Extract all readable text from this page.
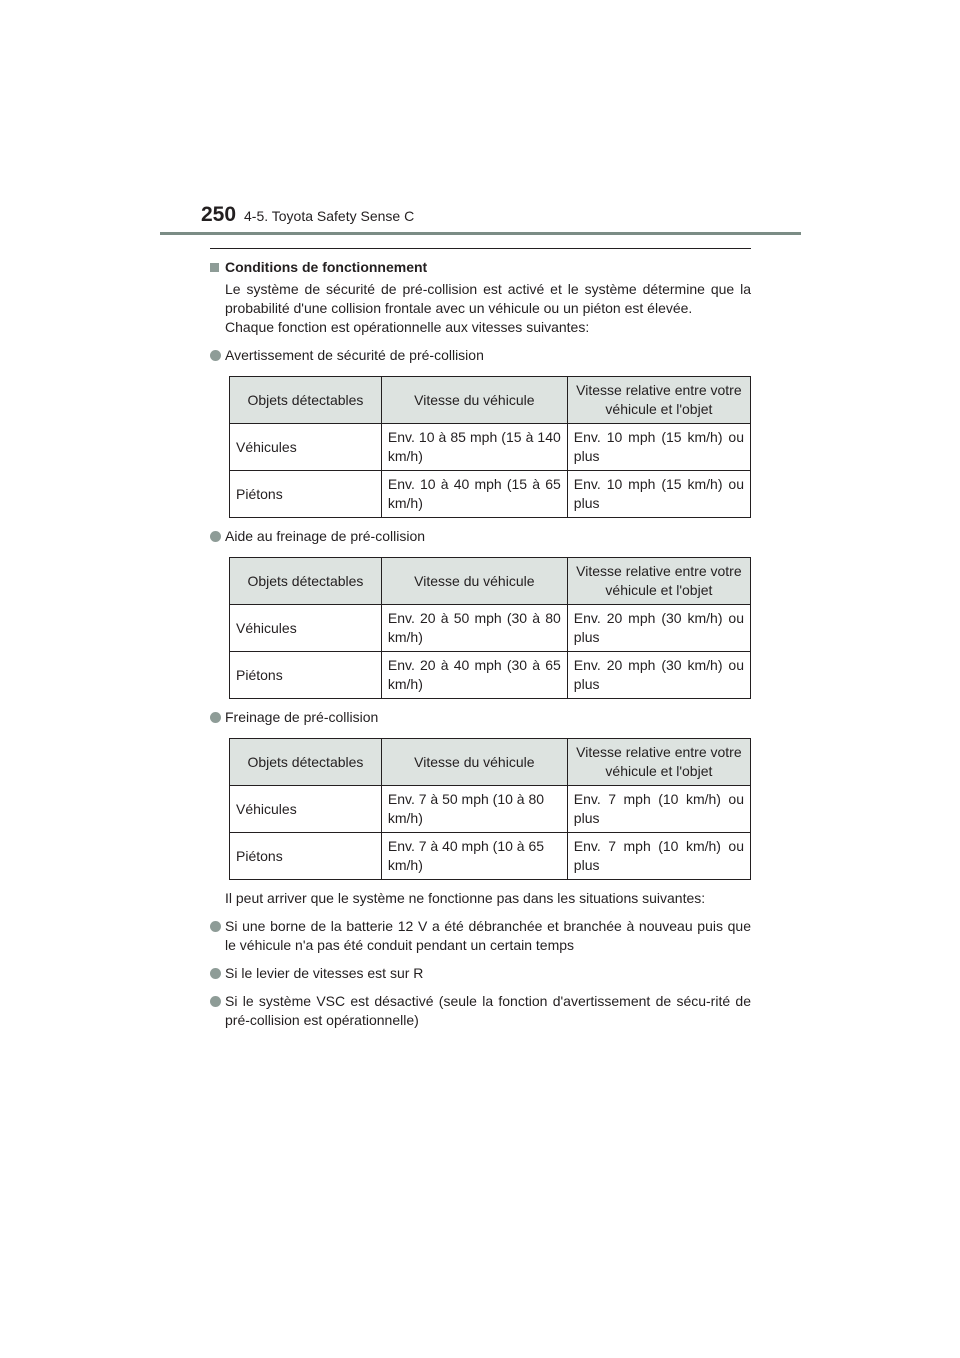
250 4-5. Toyota Safety Sense C
Conditions de fonctionnement
Le système de sécurité de pré-collision est activé et le système détermine que la probabilité d'une collision frontale avec un véhicule ou un piéton est élevée.
Chaque fonction est opérationnelle aux vitesses suivantes:
Avertissement de sécurité de pré-collision
Objets détectables	Vitesse du véhicule	Vitesse relative entre votre véhicule et l'objet
Véhicules	Env. 10 à 85 mph (15 à 140 km/h)	Env. 10 mph (15 km/h) ou plus
Piétons	Env. 10 à 40 mph (15 à 65 km/h)	Env. 10 mph (15 km/h) ou plus
Aide au freinage de pré-collision
Objets détectables	Vitesse du véhicule	Vitesse relative entre votre véhicule et l'objet
Véhicules	Env. 20 à 50 mph (30 à 80 km/h)	Env. 20 mph (30 km/h) ou plus
Piétons	Env. 20 à 40 mph (30 à 65 km/h)	Env. 20 mph (30 km/h) ou plus
Freinage de pré-collision
Objets détectables	Vitesse du véhicule	Vitesse relative entre votre véhicule et l'objet
Véhicules	Env. 7 à 50 mph (10 à 80 km/h)	Env. 7 mph (10 km/h) ou plus
Piétons	Env. 7 à 40 mph (10 à 65 km/h)	Env. 7 mph (10 km/h) ou plus
Il peut arriver que le système ne fonctionne pas dans les situations suivantes:
Si une borne de la batterie 12 V a été débranchée et branchée à nouveau puis que le véhicule n'a pas été conduit pendant un certain temps
Si le levier de vitesses est sur R
Si le système VSC est désactivé (seule la fonction d'avertissement de sécu-rité de pré-collision est opérationnelle)
